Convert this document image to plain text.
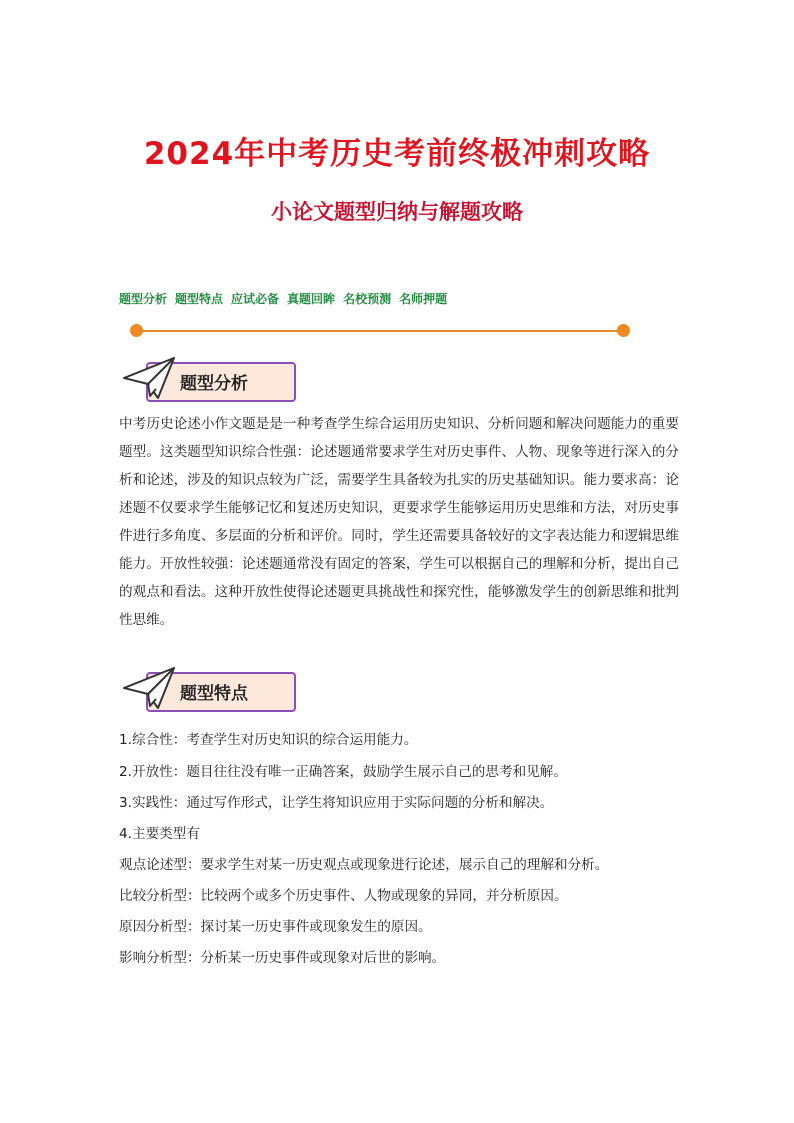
2024年中考历史考前终极冲刺攻略
小论文题型归纳与解题攻略
题型分析 题型特点 应试必备 真题回眸 名校预测 名师押题
题型分析
中考历史论述小作文题是是一种考查学生综合运用历史知识、分析问题和解决问题能力的重要题型。这类题型知识综合性强：论述题通常要求学生对历史事件、人物、现象等进行深入的分析和论述，涉及的知识点较为广泛，需要学生具备较为扎实的历史基础知识。能力要求高：论述题不仅要求学生能够记忆和复述历史知识，更要求学生能够运用历史思维和方法，对历史事件进行多角度、多层面的分析和评价。同时，学生还需要具备较好的文字表达能力和逻辑思维能力。开放性较强：论述题通常没有固定的答案，学生可以根据自己的理解和分析，提出自己的观点和看法。这种开放性使得论述题更具挑战性和探究性，能够激发学生的创新思维和批判性思维。
题型特点
1.综合性：考查学生对历史知识的综合运用能力。
2.开放性：题目往往没有唯一正确答案，鼓励学生展示自己的思考和见解。
3.实践性：通过写作形式，让学生将知识应用于实际问题的分析和解决。
4.主要类型有
观点论述型：要求学生对某一历史观点或现象进行论述，展示自己的理解和分析。
比较分析型：比较两个或多个历史事件、人物或现象的异同，并分析原因。
原因分析型：探讨某一历史事件或现象发生的原因。
影响分析型：分析某一历史事件或现象对后世的影响。
